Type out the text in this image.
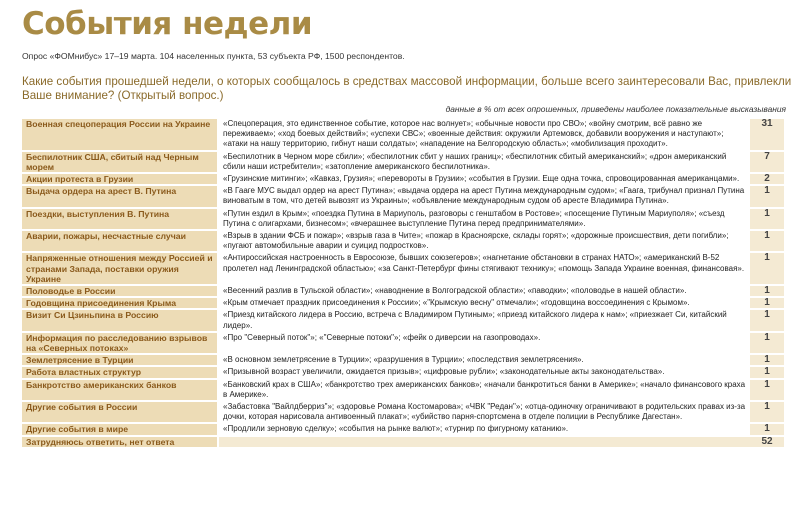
События недели
Опрос «ФОМнибус» 17–19 марта. 104 населенных пункта, 53 субъекта РФ, 1500 респондентов.
Какие события прошедшей недели, о которых сообщалось в средствах массовой информации, больше всего заинтересовали Вас, привлекли Ваше внимание? (Открытый вопрос.)
данные в % от всех опрошенных, приведены наиболее показательные высказывания
Военная спецоперация России на Украине	«Спецоперация, это единственное событие, которое нас волнует»; «обычные новости про СВО»; «войну смотрим, всё равно же переживаем»; «ход боевых действий»; «успехи СВС»; «военные действия: окружили Артемовск, добавили вооружения и наступают»; «атаки на нашу территорию, гибнут наши солдаты»; «нападение на Белгородскую область»; «мобилизация проходит».	31
Беспилотник США, сбитый над Черным морем	«Беспилотник в Черном море сбили»; «беспилотник сбит у наших границ»; «беспилотник сбитый американский»; «дрон американский сбили наши истребители»; «затопление американского беспилотника».	7
Акции протеста в Грузии	«Грузинские митинги»; «Кавказ, Грузия»; «перевороты в Грузии»; «события в Грузии. Еще одна точка, спровоцированная американцами».	2
Выдача ордера на арест В. Путина	«В Гааге МУС выдал ордер на арест Путина»; «выдача ордера на арест Путина международным судом»; «Гаага, трибунал признал Путина виноватым в том, что детей вывозят из Украины»; «объявление международным судом об аресте Владимира Путина».	1
Поездки, выступления В. Путина	«Путин ездил в Крым»; «поездка Путина в Мариуполь, разговоры с генштабом в Ростове»; «посещение Путиным Мариуполя»; «съезд Путина с олигархами, бизнесом»; «вчерашнее выступление Путина перед предпринимателями».	1
Аварии, пожары, несчастные случаи	«Взрыв в здании ФСБ и пожар»; «взрыв газа в Чите»; «пожар в Красноярске, склады горят»; «дорожные происшествия, дети погибли»; «пугают автомобильные аварии и суицид подростков».	1
Напряженные отношения между Россией и странами Запада, поставки оружия Украине	«Антироссийская настроенность в Евросоюзе, бывших союзегеров»; «нагнетание обстановки в странах НАТО»; «американский В-52 пролетел над Ленинградской областью»; «за Санкт-Петербург фины стягивают технику»; «помощь Запада Украине военная, финансовая».	1
Половодье в России	«Весенний разлив в Тульской области»; «наводнение в Волгоградской области»; «паводки»; «половодье в нашей области».	1
Годовщина присоединения Крыма	«Крым отмечает праздник присоединения к России»; «"Крымскую весну" отмечали»; «годовщина воссоединения с Крымом».	1
Визит Си Цзиньпина в Россию	«Приезд китайского лидера в Россию, встреча с Владимиром Путиным»; «приезд китайского лидера к нам»; «приезжает Си, китайский лидер».	1
Информация по расследованию взрывов на «Северных потоках»	«Про "Северный поток"»; «"Северные потоки"»; «фейк о диверсии на газопроводах».	1
Землетрясение в Турции	«В основном землетрясение в Турции»; «разрушения в Турции»; «последствия землетрясения».	1
Работа властных структур	«Призывной возраст увеличили, ожидается призыв»; «цифровые рубли»; «законодательные акты законодательства».	1
Банкротство американских банков	«Банковский крах в США»; «банкротство трех американских банков»; «начали банкротиться банки в Америке»; «начало финансового краха в Америке».	1
Другие события в России	«Забастовка "Вайлдберриз"»; «здоровье Романа Костомарова»; «ЧВК "Редан"»; «отца-одиночку ограничивают в родительских правах из-за дочки, которая нарисовала антивоенный плакат»; «убийство парня-спортсмена в отделе полиции в Республике Дагестан».	1
Другие события в мире	«Продлили зерновую сделку»; «события на рынке валют»; «турнир по фигурному катанию».	1
Затрудняюсь ответить, нет ответа		52
